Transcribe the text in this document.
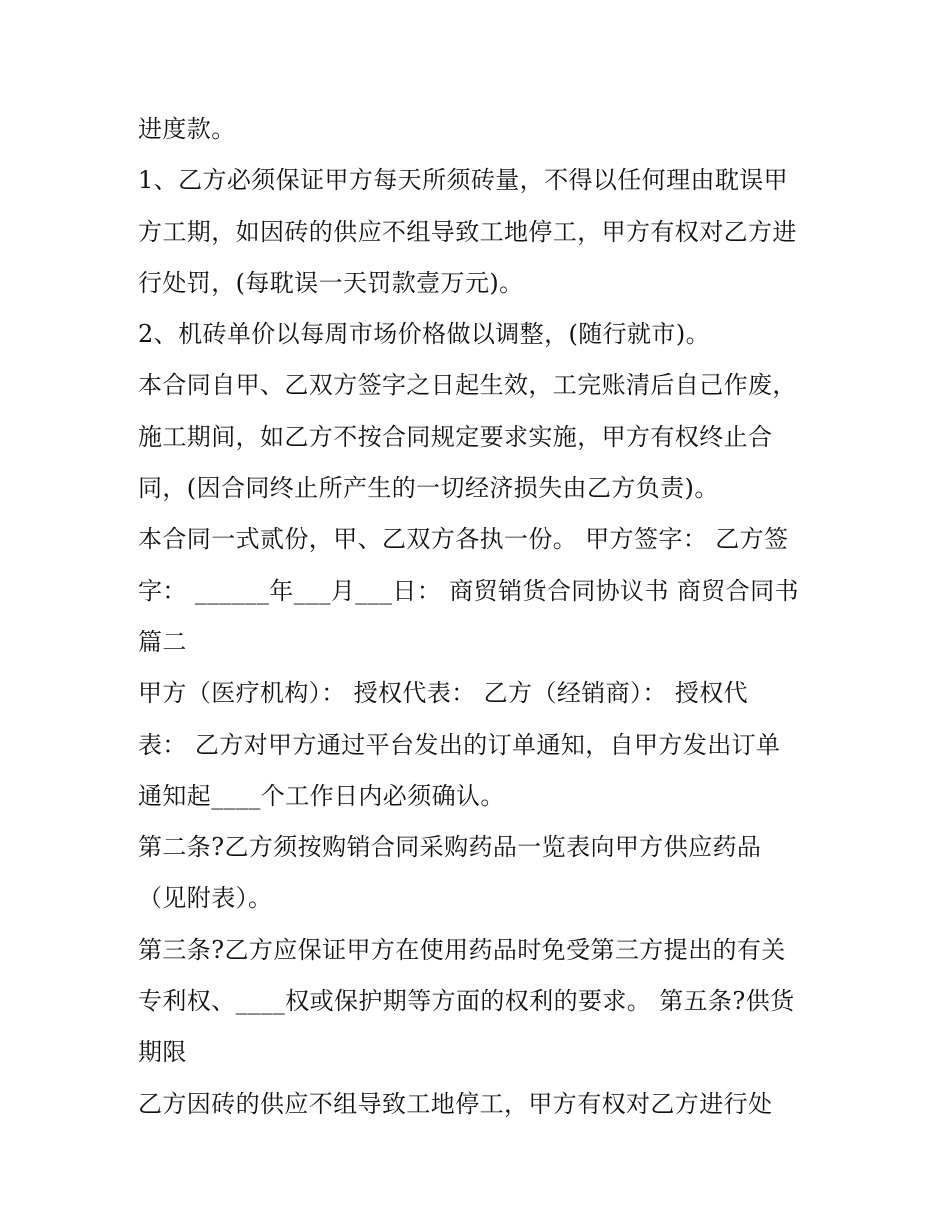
进度款。
1、乙方必须保证甲方每天所须砖量，不得以任何理由耽误甲
方工期，如因砖的供应不组导致工地停工，甲方有权对乙方进
行处罚，(每耽误一天罚款壹万元)。
2、机砖单价以每周市场价格做以调整，(随行就市)。
本合同自甲、乙双方签字之日起生效，工完账清后自己作废，
施工期间，如乙方不按合同规定要求实施，甲方有权终止合
同，(因合同终止所产生的一切经济损失由乙方负责)。
本合同一式贰份，甲、乙双方各执一份。 甲方签字： 乙方签
字： ______年___月___日： 商贸销货合同协议书 商贸合同书
篇二
甲方（医疗机构）： 授权代表： 乙方（经销商）： 授权代
表： 乙方对甲方通过平台发出的订单通知，自甲方发出订单
通知起____个工作日内必须确认。
第二条?乙方须按购销合同采购药品一览表向甲方供应药品
（见附表）。
第三条?乙方应保证甲方在使用药品时免受第三方提出的有关
专利权、____权或保护期等方面的权利的要求。 第五条?供货
期限
乙方因砖的供应不组导致工地停工，甲方有权对乙方进行处
